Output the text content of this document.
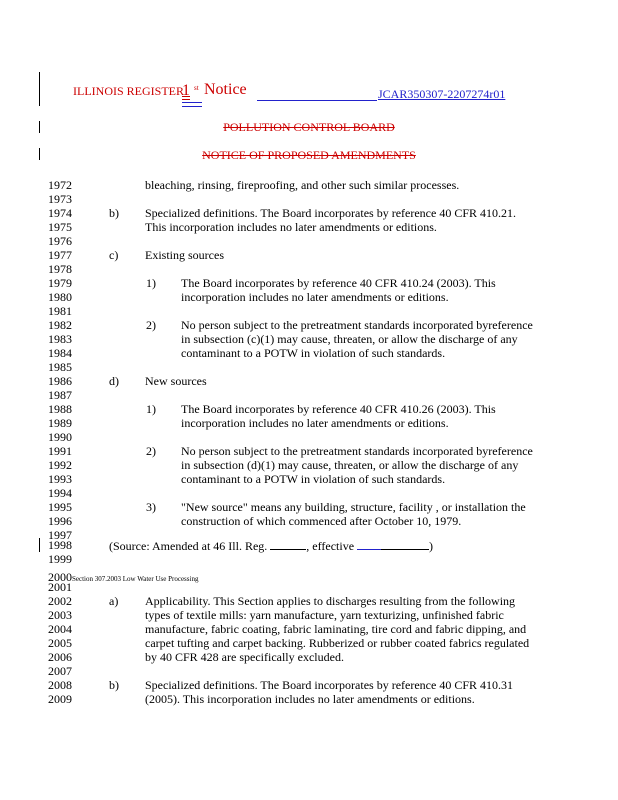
ILLINOIS REGISTER
1 st Notice	JCAR350307-2207274r01
POLLUTION CONTROL BOARD
NOTICE OF PROPOSED AMENDMENTS
1972	bleaching, rinsing, fireproofing, and other such similar processes.
1973
1974	b) Specialized definitions. The Board incorporates by reference 40 CFR 410.21.
1975	This incorporation includes no later amendments or editions.
1976
1977	c) Existing sources
1978
1979	1) The Board incorporates by reference 40 CFR 410.24 (2003). This
1980	incorporation includes no later amendments or editions.
1981
1982	2) No person subject to the pretreatment standards incorporated byreference
1983	in subsection (c)(1) may cause, threaten, or allow the discharge of any
1984	contaminant to a POTW in violation of such standards.
1985
1986	d) New sources
1987
1988	1) The Board incorporates by reference 40 CFR 410.26 (2003). This
1989	incorporation includes no later amendments or editions.
1990
1991	2) No person subject to the pretreatment standards incorporated byreference
1992	in subsection (d)(1) may cause, threaten, or allow the discharge of any
1993	contaminant to a POTW in violation of such standards.
1994
1995	3) "New source" means any building, structure, facility , or installation the
1996	construction of which commenced after October 10, 1979.
1997
1998	(Source: Amended at 46 Ill. Reg.	, effective	)
1999
2000Section 307.2003 Low Water Use Processing
2001
2002	a) Applicability. This Section applies to discharges resulting from the following
2003	types of textile mills: yarn manufacture, yarn texturizing, unfinished fabric
2004	manufacture, fabric coating, fabric laminating, tire cord and fabric dipping, and
2005	carpet tufting and carpet backing. Rubberized or rubber coated fabrics regulated
2006	by 40 CFR 428 are specifically excluded.
2007
2008	b) Specialized definitions. The Board incorporates by reference 40 CFR 410.31
2009	(2005). This incorporation includes no later amendments or editions.
